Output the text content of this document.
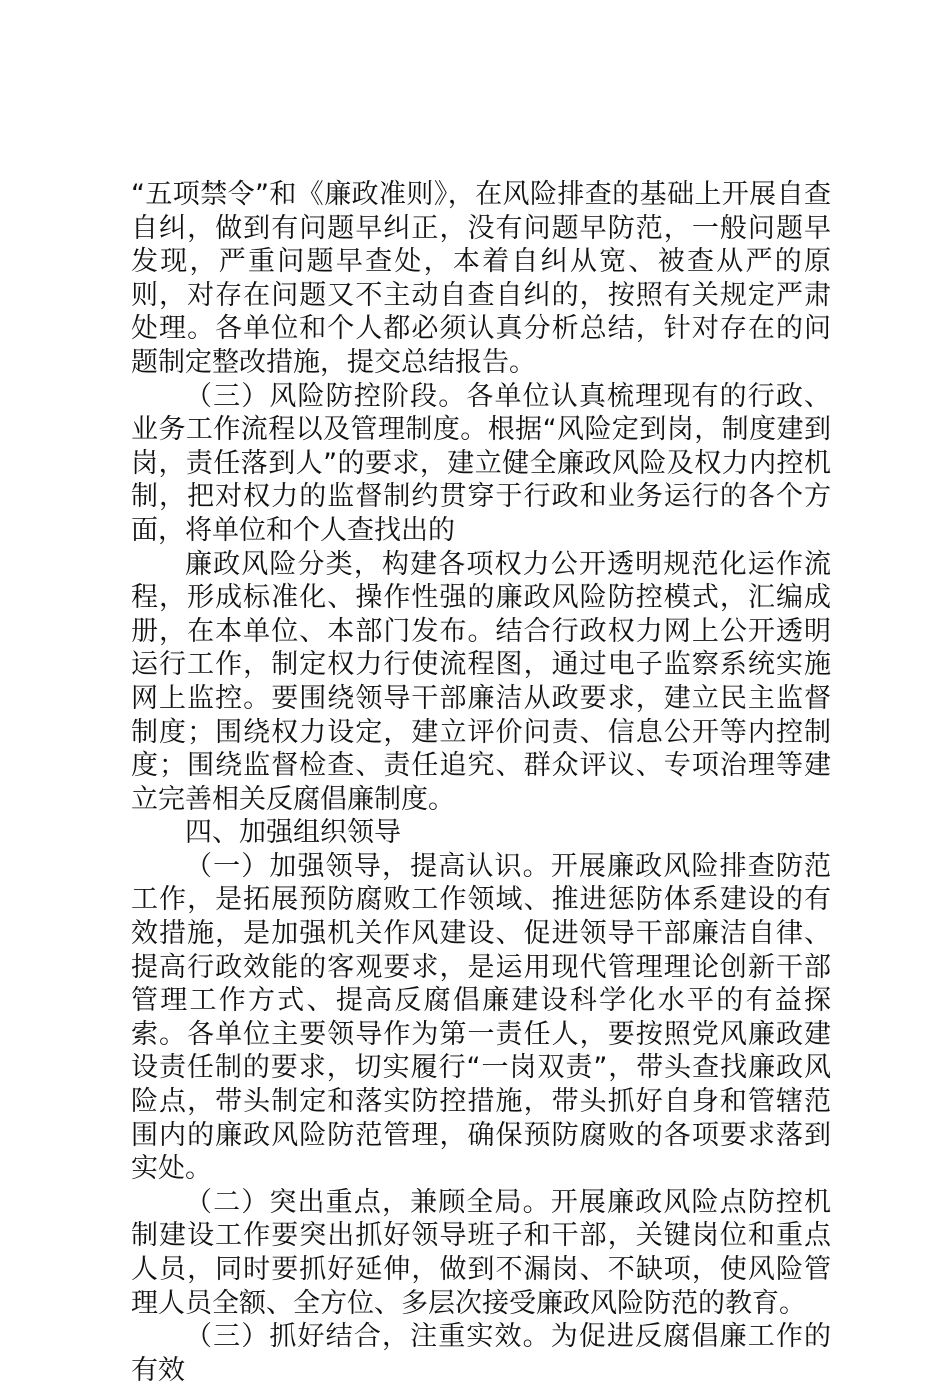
“五项禁令”和《廉政准则》，在风险排查的基础上开展自查自纠，做到有问题早纠正，没有问题早防范，一般问题早发现，严重问题早查处，本着自纠从宽、被查从严的原则，对存在问题又不主动自查自纠的，按照有关规定严肃处理。各单位和个人都必须认真分析总结，针对存在的问题制定整改措施，提交总结报告。

（三）风险防控阶段。各单位认真梳理现有的行政、业务工作流程以及管理制度。根据“风险定到岗，制度建到岗，责任落到人”的要求，建立健全廉政风险及权力内控机制，把对权力的监督制约贯穿于行政和业务运行的各个方面，将单位和个人查找出的

廉政风险分类，构建各项权力公开透明规范化运作流程，形成标准化、操作性强的廉政风险防控模式，汇编成册，在本单位、本部门发布。结合行政权力网上公开透明运行工作，制定权力行使流程图，通过电子监察系统实施网上监控。要围绕领导干部廉洁从政要求，建立民主监督制度；围绕权力设定，建立评价问责、信息公开等内控制度；围绕监督检查、责任追究、群众评议、专项治理等建立完善相关反腐倡廉制度。

四、加强组织领导

（一）加强领导，提高认识。开展廉政风险排查防范工作，是拓展预防腐败工作领域、推进惩防体系建设的有效措施，是加强机关作风建设、促进领导干部廉洁自律、提高行政效能的客观要求，是运用现代管理理论创新干部管理工作方式、提高反腐倡廉建设科学化水平的有益探索。各单位主要领导作为第一责任人，要按照党风廉政建设责任制的要求，切实履行“一岗双责”，带头查找廉政风险点，带头制定和落实防控措施，带头抓好自身和管辖范围内的廉政风险防范管理，确保预防腐败的各项要求落到实处。

（二）突出重点，兼顾全局。开展廉政风险点防控机制建设工作要突出抓好领导班子和干部，关键岗位和重点人员，同时要抓好延伸，做到不漏岗、不缺项，使风险管理人员全额、全方位、多层次接受廉政风险防范的教育。

（三）抓好结合，注重实效。为促进反腐倡廉工作的有效
